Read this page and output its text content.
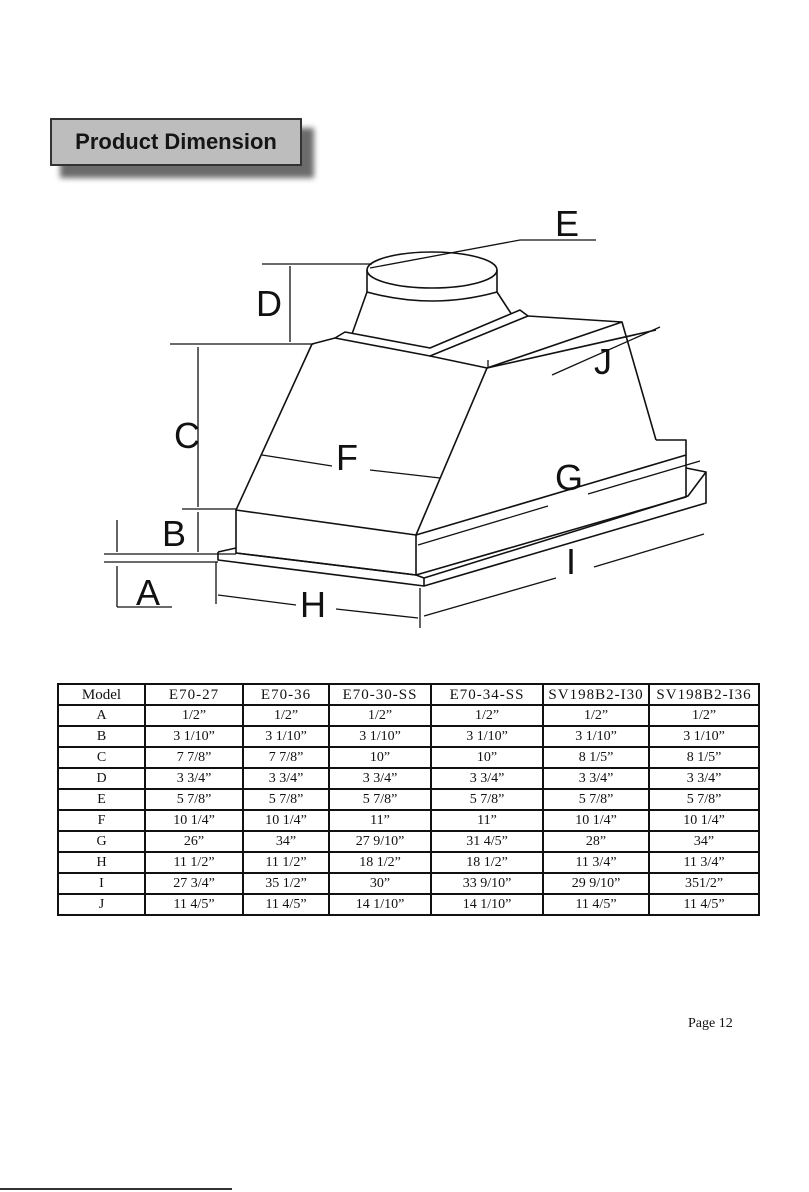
Product Dimension
E
D
C
B
A
F	G
H
I
J
Model	E70-27	E70-36	E70-30-SS	E70-34-SS	SV198B2-I30	SV198B2-I36
A	1/2”	1/2”	1/2”	1/2”	1/2”	1/2”
B	3 1/10”	3 1/10”	3 1/10”	3 1/10”	3 1/10”	3 1/10”
C	7 7/8”	7 7/8”	10”	10”	8 1/5”	8 1/5”
D	3 3/4”	3 3/4”	3 3/4”	3 3/4”	3 3/4”	3 3/4”
E	5 7/8”	5 7/8”	5 7/8”	5 7/8”	5 7/8”	5 7/8”
F	10 1/4”	10 1/4”	11”	11”	10 1/4”	10 1/4”
G	26”	34”	27 9/10”	31 4/5”	28”	34”
H	11 1/2”	11 1/2”	18 1/2”	18 1/2”	11 3/4”	11 3/4”
I	27 3/4”	35 1/2”	30”	33 9/10”	29 9/10”	351/2”
J	11 4/5”	11 4/5”	14 1/10”	14 1/10”	11 4/5”	11 4/5”
Page 12
